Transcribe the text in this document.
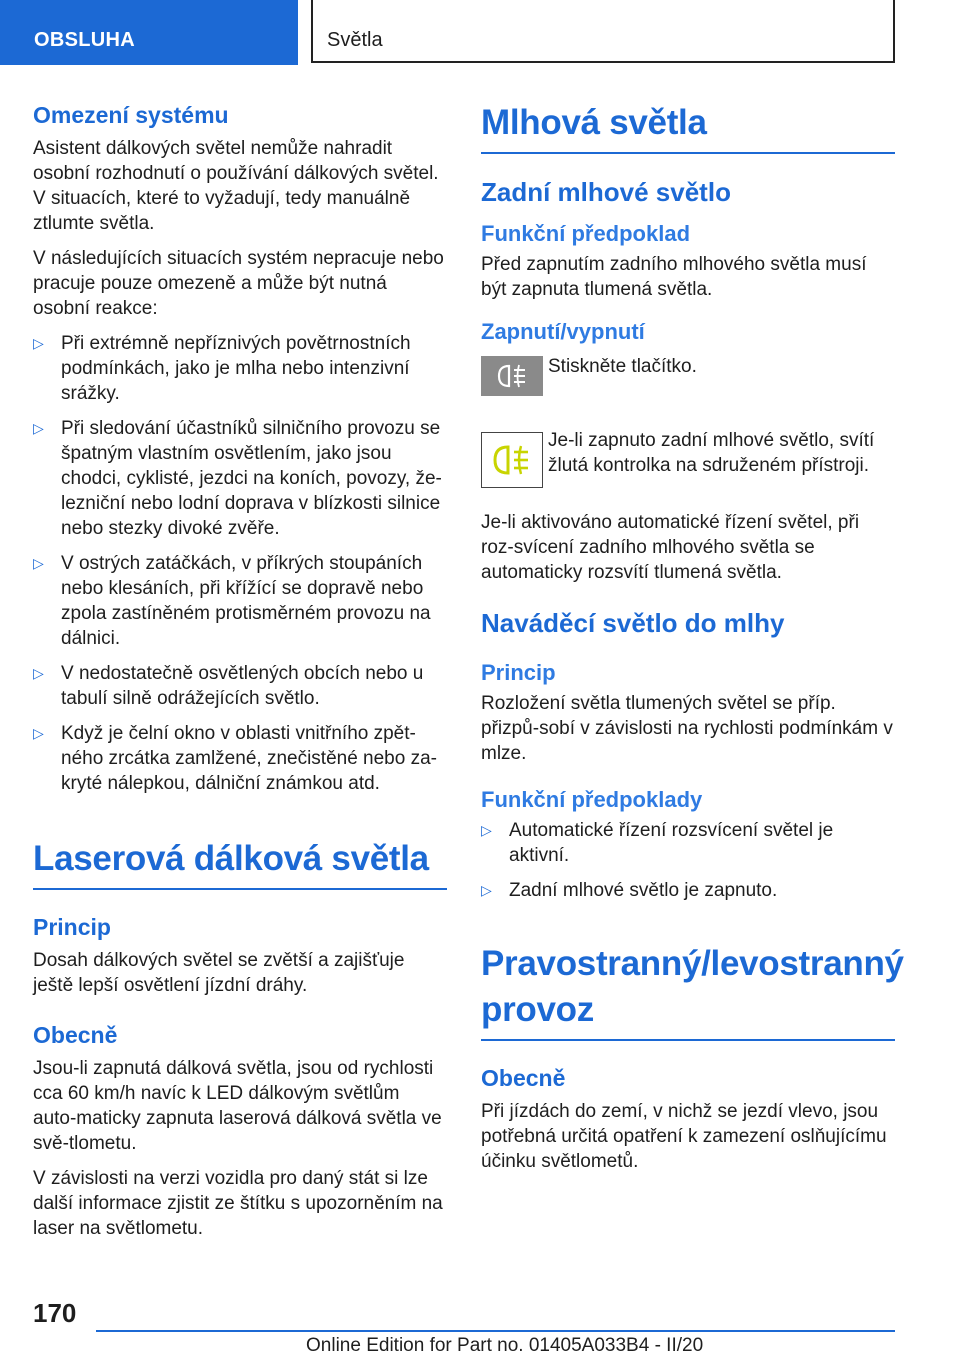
OBSLUHA	Světla
Omezení systému

Asistent dálkových světel nemůže nahradit osobní rozhodnutí o používání dálkových světel. V situacích, které to vyžadují, tedy manuálně ztlumte světla.

V následujících situacích systém nepracuje nebo pracuje pouze omezeně a může být nutná osobní reakce:

▷ Při extrémně nepříznivých povětrnostních podmínkách, jako je mlha nebo intenzivní srážky.
▷ Při sledování účastníků silničního provozu se špatným vlastním osvětlením, jako jsou chodci, cyklisté, jezdci na koních, povozy, že-lezniční nebo lodní doprava v blízkosti silnice nebo stezky divoké zvěře.
▷ V ostrých zatáčkách, v příkrých stoupáních nebo klesáních, při křížící se dopravě nebo zpola zastíněném protisměrném provozu na dálnici.
▷ V nedostatečně osvětlených obcích nebo u tabulí silně odrážejících světlo.
▷ Když je čelní okno v oblasti vnitřního zpět-ného zrcátka zamlžené, znečistěné nebo za-kryté nálepkou, dálniční známkou atd.
Laserová dálková světla
Princip

Dosah dálkových světel se zvětší a zajišťuje ještě lepší osvětlení jízdní dráhy.

Obecně

Jsou-li zapnutá dálková světla, jsou od rychlosti cca 60 km/h navíc k LED dálkovým světlům auto-maticky zapnuta laserová dálková světla ve svě-tlometu.

V závislosti na verzi vozidla pro daný stát si lze další informace zjistit ze štítku s upozorněním na laser na světlometu.

Mlhová světla
Zadní mlhové světlo
Funkční předpoklad

Před zapnutím zadního mlhového světla musí být zapnuta tlumená světla.

Zapnutí/vypnutí

Stiskněte tlačítko.

Je-li zapnuto zadní mlhové světlo, svítí žlutá kontrolka na sdruženém přístroji.

Je-li aktivováno automatické řízení světel, při roz-svícení zadního mlhového světla se automaticky rozsvítí tlumená světla.

Naváděcí světlo do mlhy
Princip

Rozložení světla tlumených světel se příp. přizpů-sobí v závislosti na rychlosti podmínkám v mlze.

Funkční předpoklady
▷ Automatické řízení rozsvícení světel je aktivní.
▷ Zadní mlhové světlo je zapnuto.
Pravostranný/levostranný provoz
Obecně

Při jízdách do zemí, v nichž se jezdí vlevo, jsou potřebná určitá opatření k zamezení oslňujícímu účinku světlometů.

170
Online Edition for Part no. 01405A033B4 - II/20
